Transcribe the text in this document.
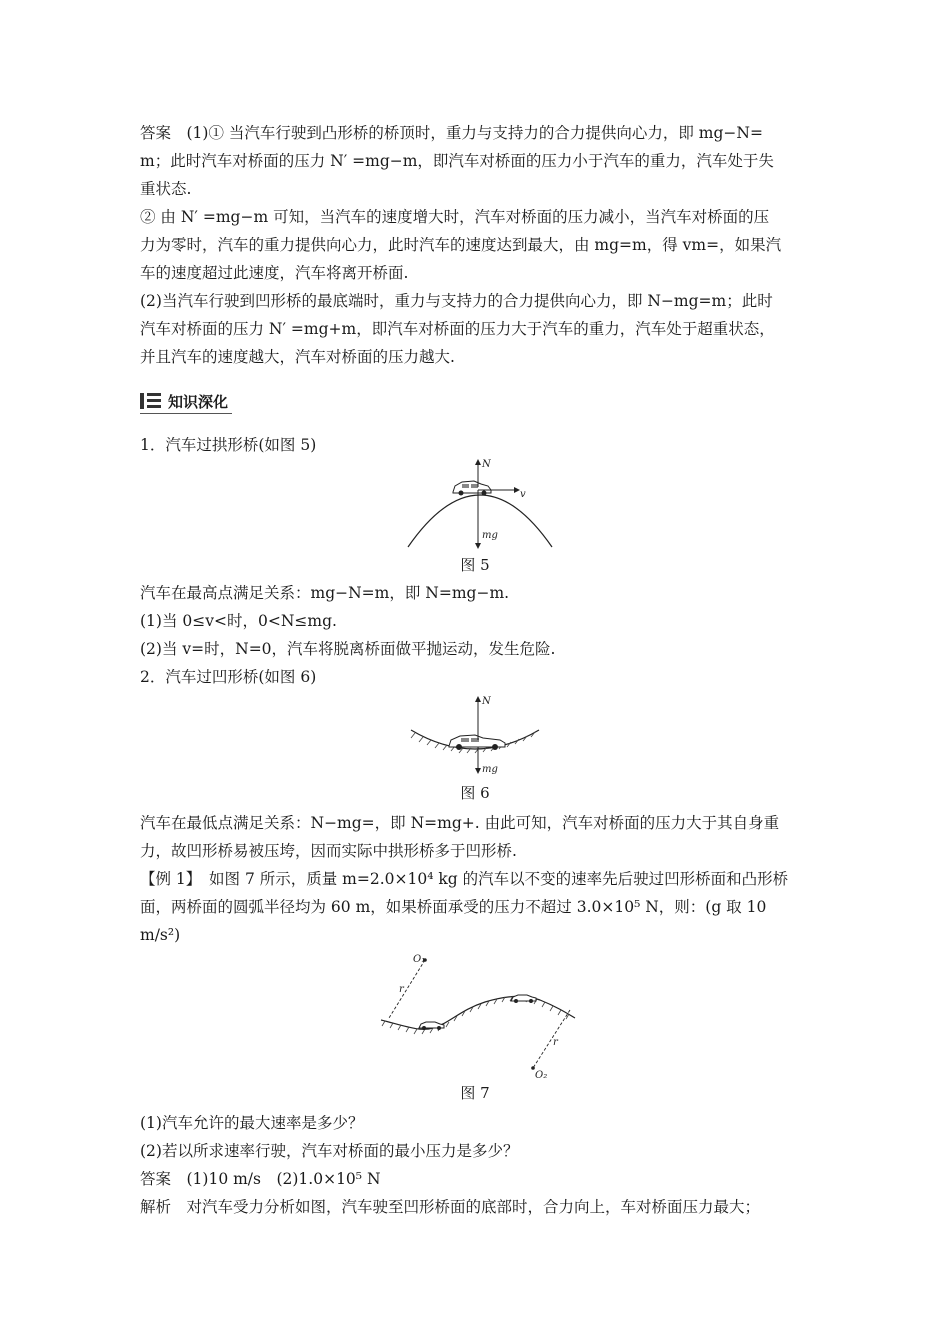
答案　(1)① 当汽车行驶到凸形桥的桥顶时，重力与支持力的合力提供向心力，即 mg−N=

m；此时汽车对桥面的压力 N′ =mg−m，即汽车对桥面的压力小于汽车的重力，汽车处于失

重状态.

② 由 N′ =mg−m 可知，当汽车的速度增大时，汽车对桥面的压力减小，当汽车对桥面的压

力为零时，汽车的重力提供向心力，此时汽车的速度达到最大，由 mg=m，得 vm=，如果汽

车的速度超过此速度，汽车将离开桥面.

(2)当汽车行驶到凹形桥的最底端时，重力与支持力的合力提供向心力，即 N−mg=m；此时

汽车对桥面的压力 N′ =mg+m，即汽车对桥面的压力大于汽车的重力，汽车处于超重状态，

并且汽车的速度越大，汽车对桥面的压力越大.

知识深化

1．汽车过拱形桥(如图 5)

N
v
mg
图 5

汽车在最高点满足关系：mg−N=m，即 N=mg−m.

(1)当 0≤v<时，0<N≤mg.

(2)当 v=时，N=0，汽车将脱离桥面做平抛运动，发生危险.

2．汽车过凹形桥(如图 6)

N
mg
图 6

汽车在最低点满足关系：N−mg=，即 N=mg+. 由此可知，汽车对桥面的压力大于其自身重

力，故凹形桥易被压垮，因而实际中拱形桥多于凹形桥.

【例 1】　如图 7 所示，质量 m=2.0×10⁴ kg 的汽车以不变的速率先后驶过凹形桥面和凸形桥

面，两桥面的圆弧半径均为 60 m，如果桥面承受的压力不超过 3.0×10⁵ N，则：(g 取 10

m/s²)

O₁
r
r
O₂
图 7

(1)汽车允许的最大速率是多少？

(2)若以所求速率行驶，汽车对桥面的最小压力是多少？

答案　(1)10 m/s　(2)1.0×10⁵ N

解析　对汽车受力分析如图，汽车驶至凹形桥面的底部时，合力向上，车对桥面压力最大；
